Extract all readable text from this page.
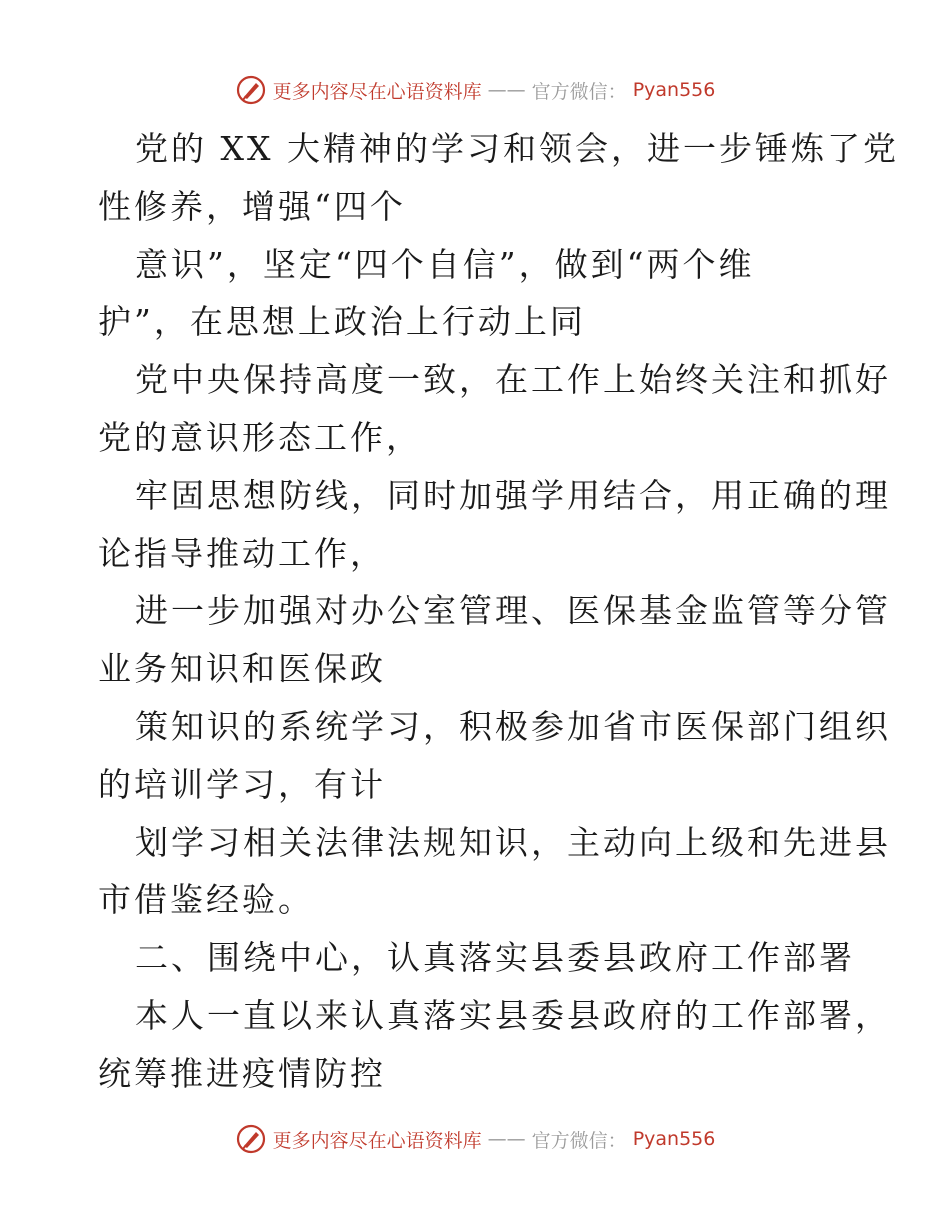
更多内容尽在心语资料库 —— 官方微信： Pyan556
党的 XX 大精神的学习和领会，进一步锤炼了党
性修养，增强“四个
意识”，坚定“四个自信”，做到“两个维
护”，在思想上政治上行动上同
党中央保持高度一致，在工作上始终关注和抓好
党的意识形态工作，
牢固思想防线，同时加强学用结合，用正确的理
论指导推动工作，
进一步加强对办公室管理、医保基金监管等分管
业务知识和医保政
策知识的系统学习，积极参加省市医保部门组织
的培训学习，有计
划学习相关法律法规知识，主动向上级和先进县
市借鉴经验。
二、围绕中心，认真落实县委县政府工作部署
本人一直以来认真落实县委县政府的工作部署，
统筹推进疫情防控
更多内容尽在心语资料库 —— 官方微信： Pyan556
